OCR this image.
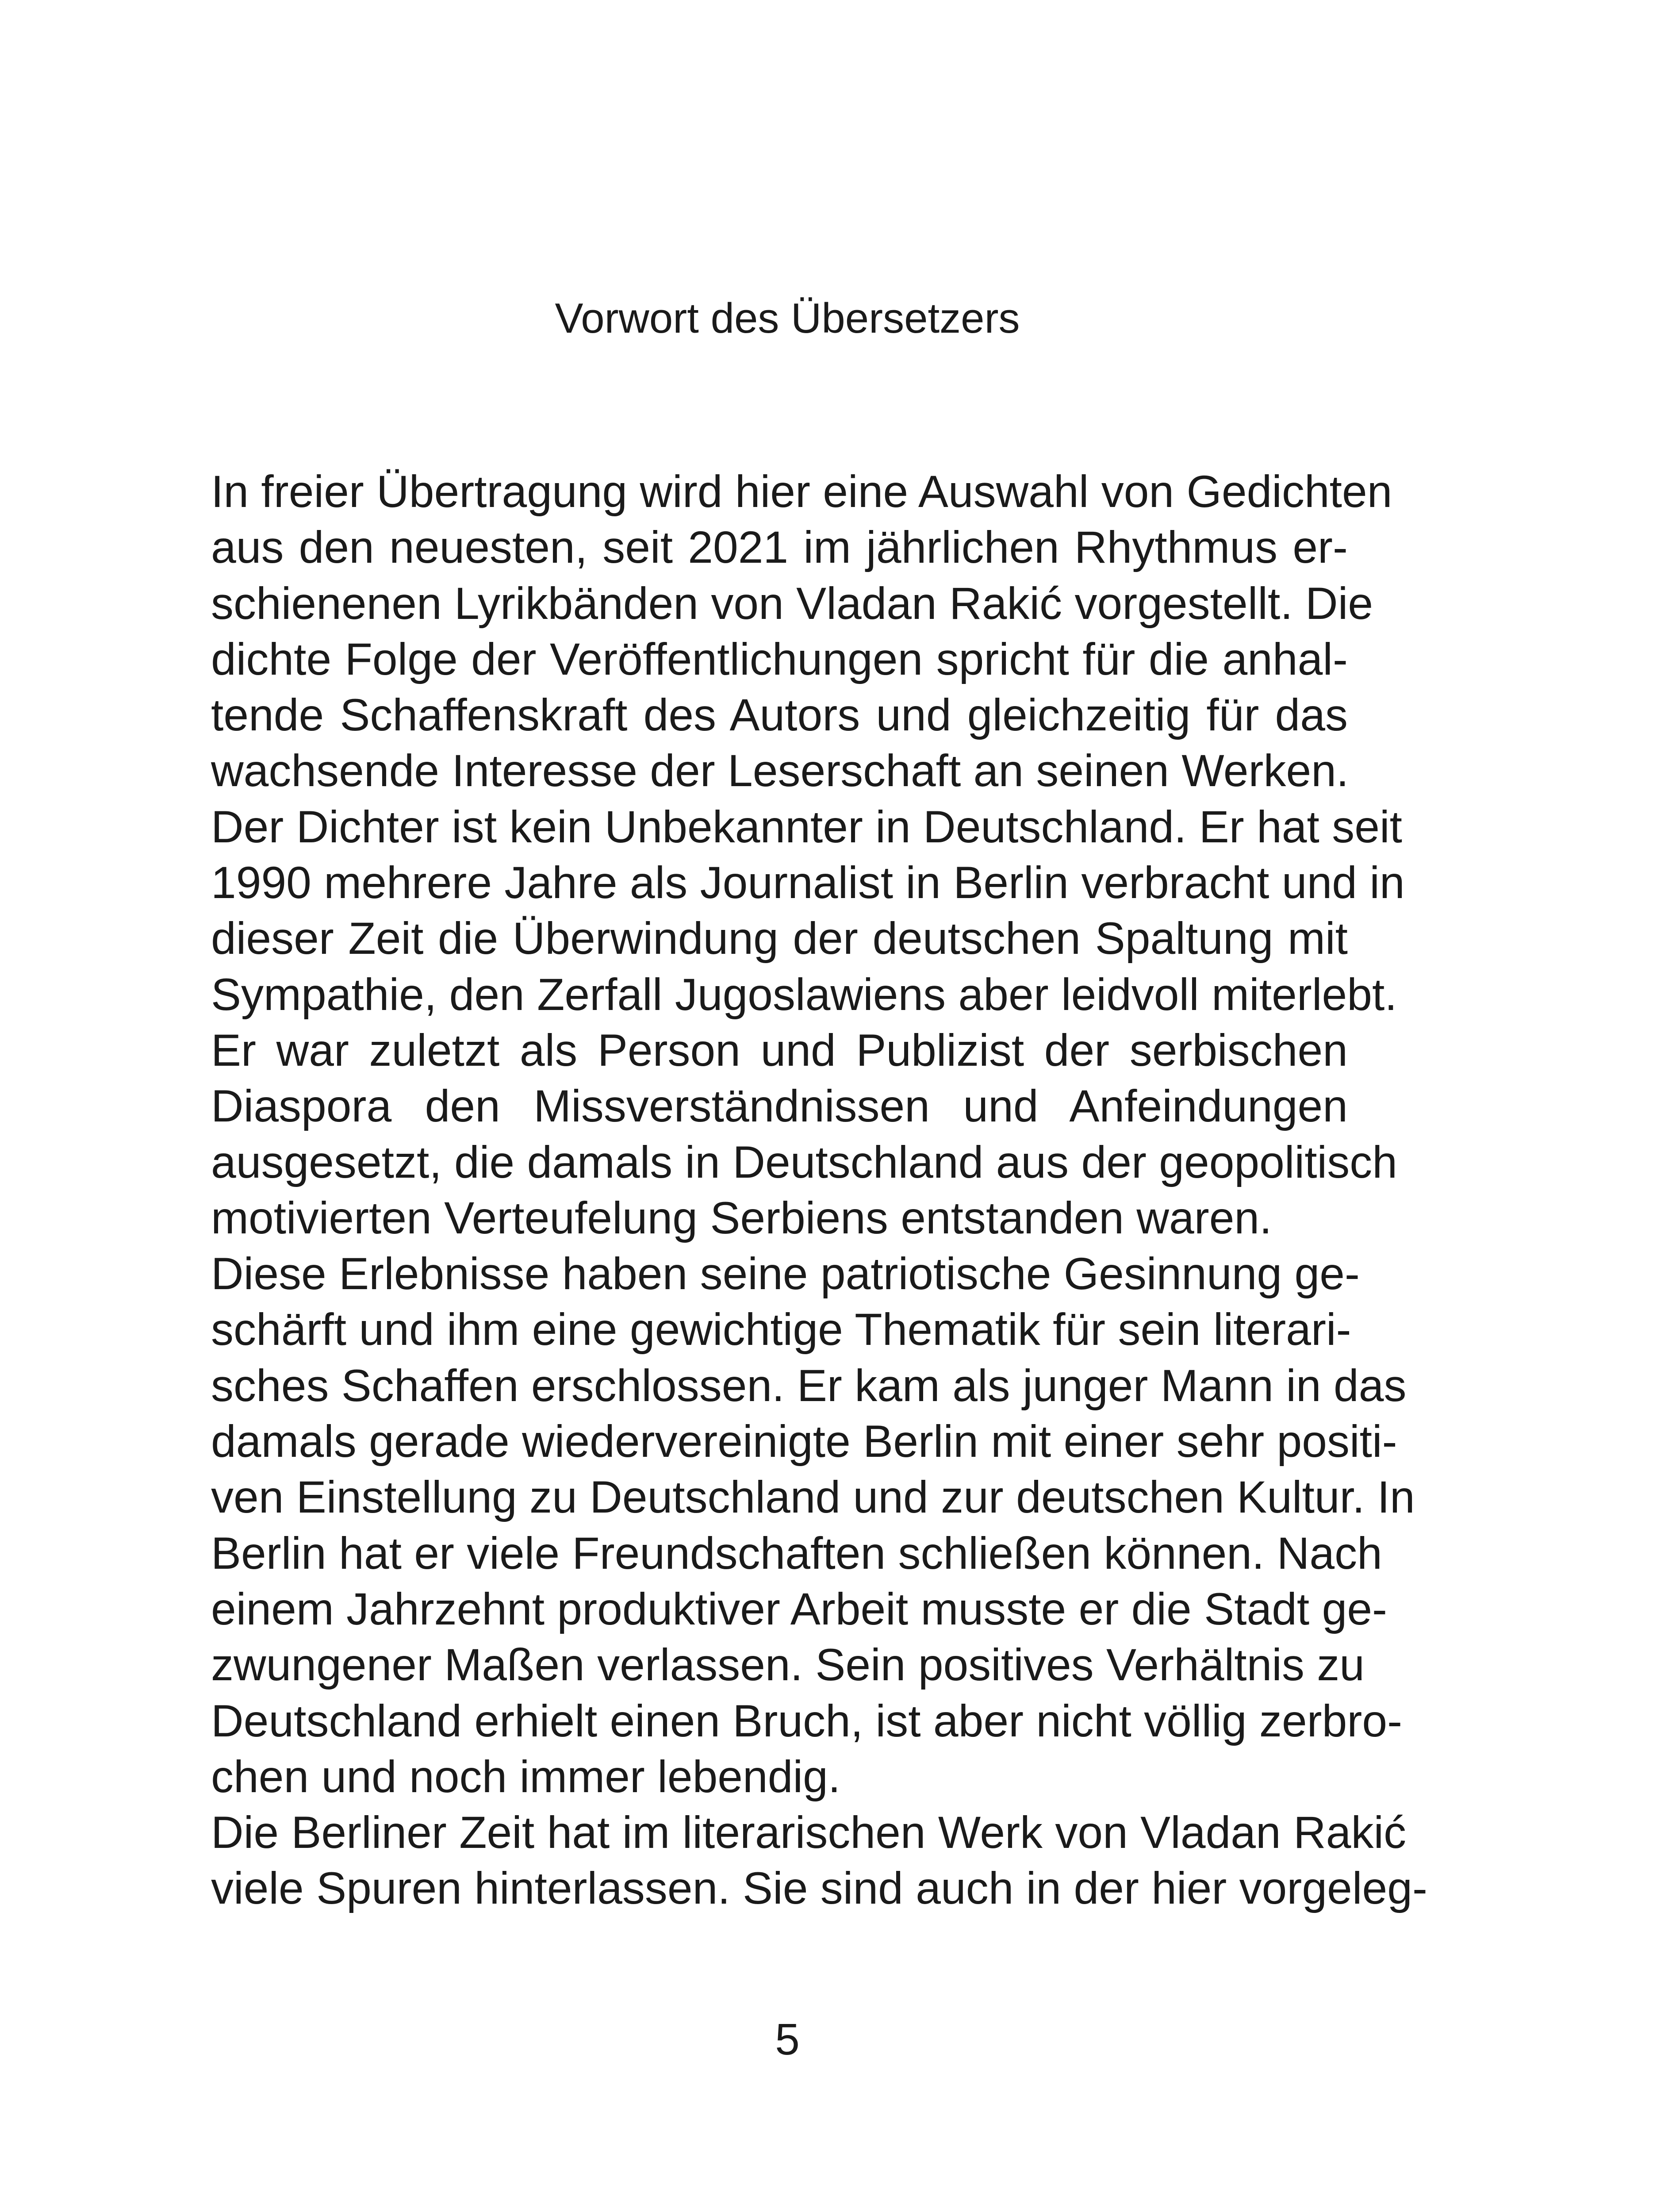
Vorwort des Übersetzers
In freier Übertragung wird hier eine Auswahl von Gedichten
aus den neuesten, seit 2021 im jährlichen Rhythmus er-
schienenen Lyrikbänden von Vladan Rakić vorgestellt. Die
dichte Folge der Veröffentlichungen spricht für die anhal-
tende Schaffenskraft des Autors und gleichzeitig für das
wachsende Interesse der Leserschaft an seinen Werken.
Der Dichter ist kein Unbekannter in Deutschland. Er hat seit
1990 mehrere Jahre als Journalist in Berlin verbracht und in
dieser Zeit die Überwindung der deutschen Spaltung mit
Sympathie, den Zerfall Jugoslawiens aber leidvoll miterlebt.
Er war zuletzt als Person und Publizist der serbischen
Diaspora den Missverständnissen und Anfeindungen
ausgesetzt, die damals in Deutschland aus der geopolitisch
motivierten Verteufelung Serbiens entstanden waren.
Diese Erlebnisse haben seine patriotische Gesinnung ge-
schärft und ihm eine gewichtige Thematik für sein literari-
sches Schaffen erschlossen. Er kam als junger Mann in das
damals gerade wiedervereinigte Berlin mit einer sehr positi-
ven Einstellung zu Deutschland und zur deutschen Kultur. In
Berlin hat er viele Freundschaften schließen können. Nach
einem Jahrzehnt produktiver Arbeit musste er die Stadt ge-
zwungener Maßen verlassen. Sein positives Verhältnis zu
Deutschland erhielt einen Bruch, ist aber nicht völlig zerbro-
chen und noch immer lebendig.
Die Berliner Zeit hat im literarischen Werk von Vladan Rakić
viele Spuren hinterlassen. Sie sind auch in der hier vorgeleg-
5
